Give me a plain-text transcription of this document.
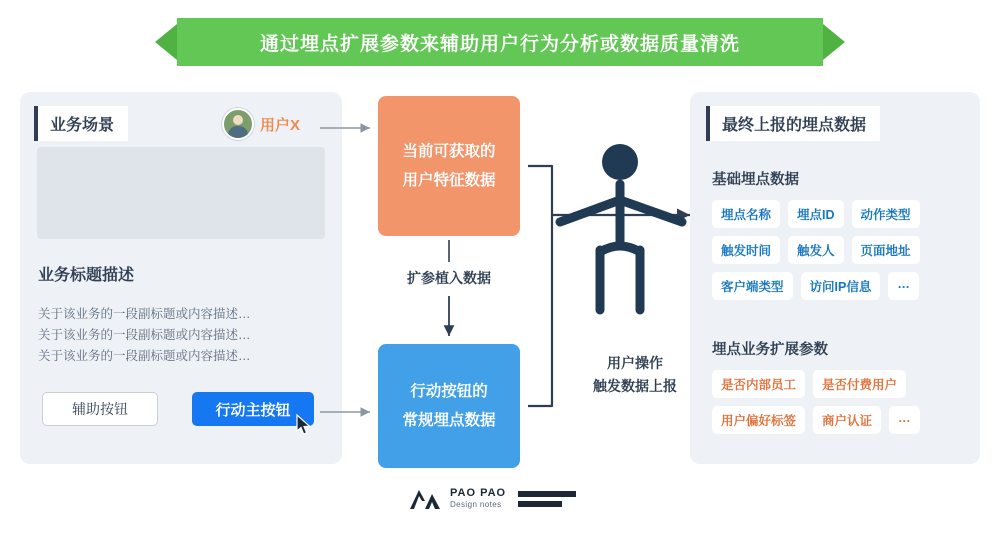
通过埋点扩展参数来辅助用户行为分析或数据质量清洗
业务场景
业务标题描述
关于该业务的一段副标题或内容描述…
关于该业务的一段副标题或内容描述…
关于该业务的一段副标题或内容描述…
辅助按钮	行动主按钮
用户X
当前可获取的
用户特征数据
扩参植入数据
行动按钮的
常规埋点数据
用户操作
触发数据上报
最终上报的埋点数据
基础埋点数据
埋点名称	埋点ID	动作类型
触发时间	触发人	页面地址
客户端类型	访问IP信息	…
埋点业务扩展参数
是否内部员工	是否付费用户
用户偏好标签	商户认证	…
PAO PAO
Design notes
